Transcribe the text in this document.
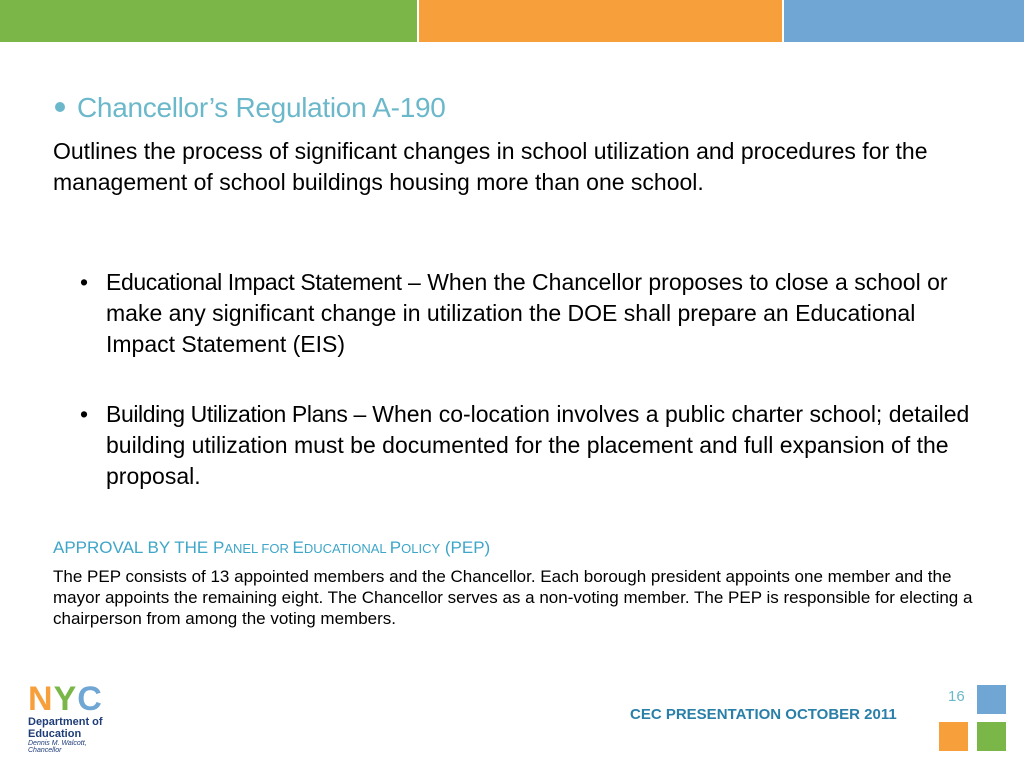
Chancellor’s Regulation A-190
Outlines the process of significant changes in school utilization and procedures for the management of school buildings housing more than one school.
• Educational Impact Statement – When the Chancellor proposes to close a school or make any significant change in utilization the DOE shall prepare an Educational Impact Statement (EIS)
• Building Utilization Plans – When co-location involves a public charter school; detailed building utilization must be documented for the placement and full expansion of the proposal.
APPROVAL BY THE PANEL FOR EDUCATIONAL POLICY (PEP)
The PEP consists of 13 appointed members and the Chancellor. Each borough president appoints one member and the mayor appoints the remaining eight. The Chancellor serves as a non-voting member. The PEP is responsible for electing a chairperson from among the voting members.
NYC
Department of Education
Dennis M. Walcott, Chancellor
CEC PRESENTATION OCTOBER 2011
16
